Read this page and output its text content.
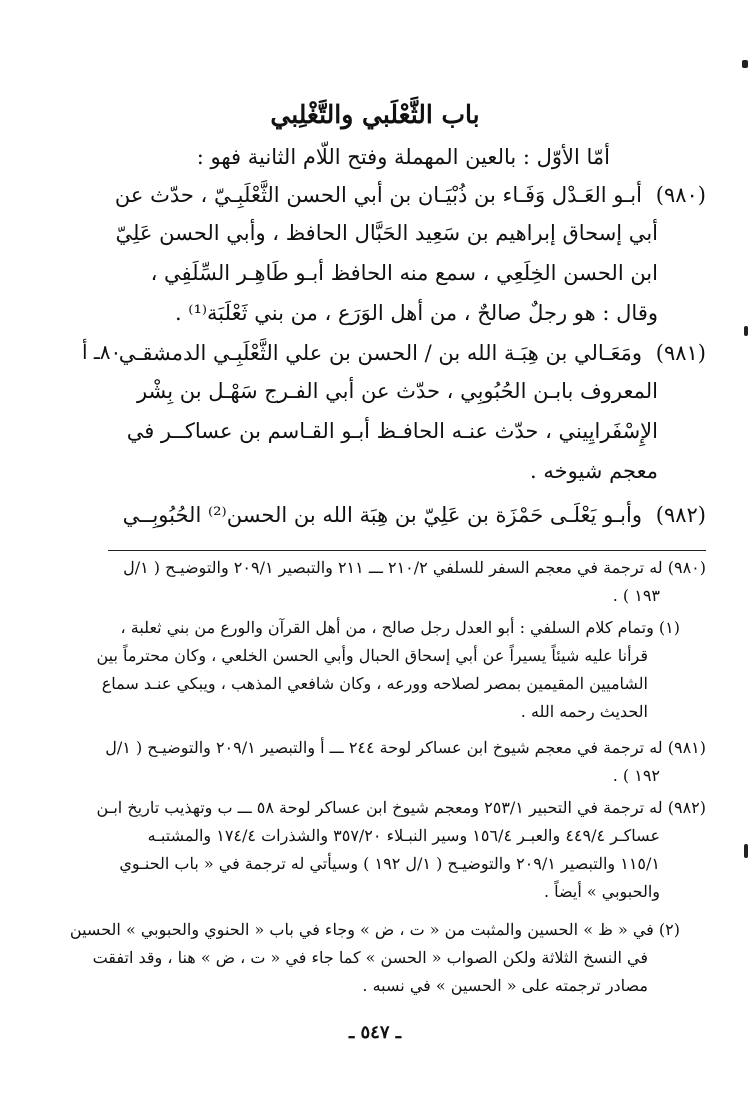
باب الثَّعْلَبي والتَّغْلِبي
أمّا الأوّل : بالعين المهملة وفتح اللّام الثانية فهو :
(٩٨٠)أبـو العَـدْل وَفَـاء بن ذُبْيَـان بن أبي الحسن الثَّعْلَبِـيّ ، حدّث عن
أبي إسحاق إبراهيم بن سَعِيد الحَبَّال الحافظ ، وأبي الحسن عَلِيّ
ابن الحسن الخِلَعِي ، سمع منه الحافظ أبـو طَاهِـر السِّلَفِي ،
وقال : هو رجلٌ صالحٌ ، من أهل الوَرَع ، من بني ثَعْلَبَة⁽¹⁾ .
(٩٨١)ومَعَـالي بن هِبَـة الله بن / الحسن بن علي الثَّعْلَبِـي الدمشقـي
٨٠ـ أ
المعروف بابـن الحُبُوبِي ، حدّث عن أبي الفـرج سَهْـل بن بِشْر
الإِسْفَرايِيني ، حدّث عنـه الحافـظ أبـو القـاسم بن عساكــر في
معجم شيوخه .
(٩٨٢)وأبـو يَعْلَـى حَمْزَة بن عَلِيّ بن هِبَة الله بن الحسن⁽²⁾ الحُبُوبِــي
(٩٨٠) له ترجمة في معجم السفر للسلفي ٢١٠/٢ ـــ ٢١١ والتبصير ٢٠٩/١ والتوضيـح ( ١/ل
١٩٣ ) .
(١) وتمام كلام السلفي : أبو العدل رجل صالح ، من أهل القرآن والورع من بني ثعلبة ،
قرأنا عليه شيئاً يسيراً عن أبي إسحاق الحبال وأبي الحسن الخلعي ، وكان محترماً بين
الشاميين المقيمين بمصر لصلاحه وورعه ، وكان شافعي المذهب ، ويبكي عنـد سماع
الحديث رحمه الله .
(٩٨١) له ترجمة في معجم شيوخ ابن عساكر لوحة ٢٤٤ ـــ أ والتبصير ٢٠٩/١ والتوضيـح ( ١/ل
١٩٢ ) .
(٩٨٢) له ترجمة في التحبير ٢٥٣/١ ومعجم شيوخ ابن عساكر لوحة ٥٨ ـــ ب وتهذيب تاريخ ابـن
عساكـر ٤٤٩/٤ والعبـر ١٥٦/٤ وسير النبـلاء ٣٥٧/٢٠ والشذرات ١٧٤/٤ والمشتبـه
١١٥/١ والتبصير ٢٠٩/١ والتوضيـح ( ١/ل ١٩٢ ) وسيأتي له ترجمة في « باب الحنـوي
والحبوبي » أيضاً .
(٢) في « ظ » الحسين والمثبت من « ت ، ض » وجاء في باب « الحنوي والحبوبي » الحسين
في النسخ الثلاثة ولكن الصواب « الحسن » كما جاء في « ت ، ض » هنا ، وقد اتفقت
مصادر ترجمته على « الحسين » في نسبه .
ـ ٥٤٧ ـ
